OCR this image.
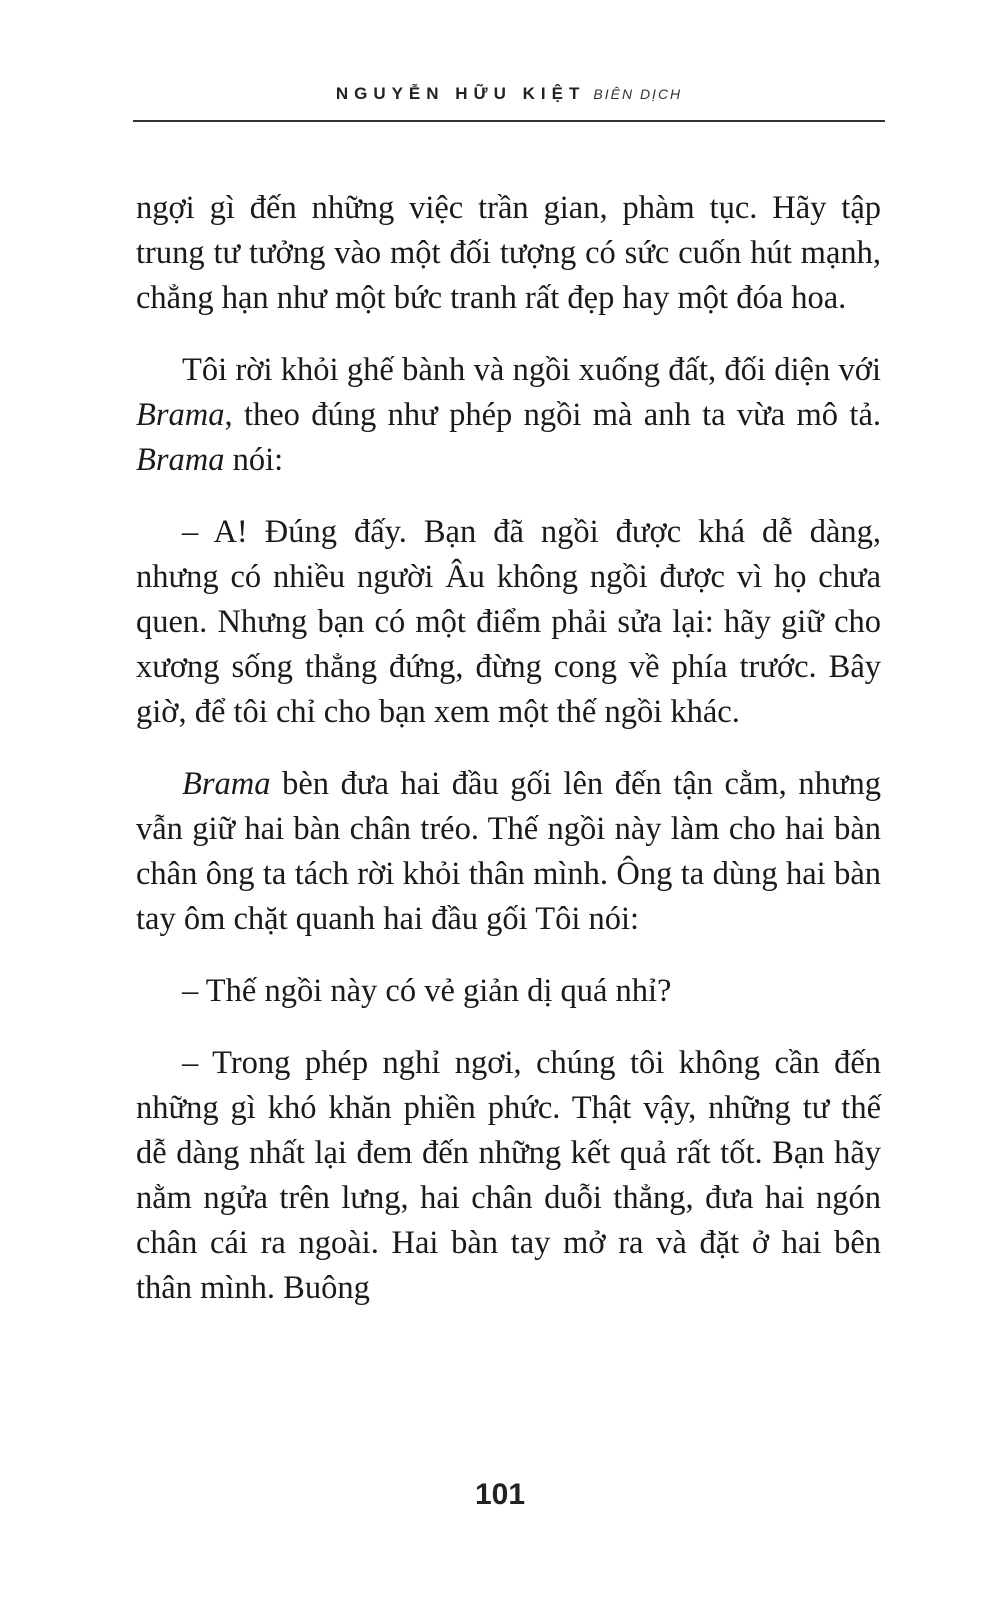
NGUYỄN HỮU KIỆT BIÊN DỊCH

ngợi gì đến những việc trần gian, phàm tục. Hãy tập trung tư tưởng vào một đối tượng có sức cuốn hút mạnh, chẳng hạn như một bức tranh rất đẹp hay một đóa hoa.

Tôi rời khỏi ghế bành và ngồi xuống đất, đối diện với Brama, theo đúng như phép ngồi mà anh ta vừa mô tả. Brama nói:

– A! Đúng đấy. Bạn đã ngồi được khá dễ dàng, nhưng có nhiều người Âu không ngồi được vì họ chưa quen. Nhưng bạn có một điểm phải sửa lại: hãy giữ cho xương sống thẳng đứng, đừng cong về phía trước. Bây giờ, để tôi chỉ cho bạn xem một thế ngồi khác.

Brama bèn đưa hai đầu gối lên đến tận cằm, nhưng vẫn giữ hai bàn chân tréo. Thế ngồi này làm cho hai bàn chân ông ta tách rời khỏi thân mình. Ông ta dùng hai bàn tay ôm chặt quanh hai đầu gối Tôi nói:

– Thế ngồi này có vẻ giản dị quá nhỉ?

– Trong phép nghỉ ngơi, chúng tôi không cần đến những gì khó khăn phiền phức. Thật vậy, những tư thế dễ dàng nhất lại đem đến những kết quả rất tốt. Bạn hãy nằm ngửa trên lưng, hai chân duỗi thẳng, đưa hai ngón chân cái ra ngoài. Hai bàn tay mở ra và đặt ở hai bên thân mình. Buông

101
